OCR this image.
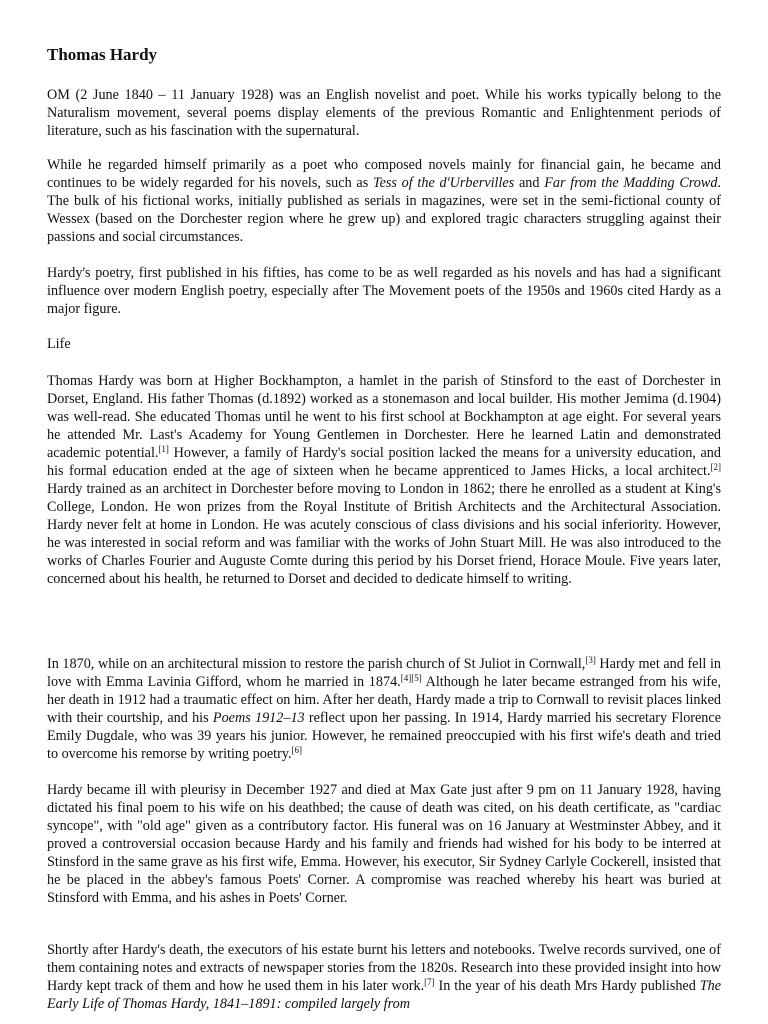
Thomas Hardy

OM (2 June 1840 – 11 January 1928) was an English novelist and poet. While his works typically belong to the Naturalism movement, several poems display elements of the previous Romantic and Enlightenment periods of literature, such as his fascination with the supernatural.

While he regarded himself primarily as a poet who composed novels mainly for financial gain, he became and continues to be widely regarded for his novels, such as Tess of the d'Urbervilles and Far from the Madding Crowd. The bulk of his fictional works, initially published as serials in magazines, were set in the semi-fictional county of Wessex (based on the Dorchester region where he grew up) and explored tragic characters struggling against their passions and social circumstances.

Hardy's poetry, first published in his fifties, has come to be as well regarded as his novels and has had a significant influence over modern English poetry, especially after The Movement poets of the 1950s and 1960s cited Hardy as a major figure.

Life

Thomas Hardy was born at Higher Bockhampton, a hamlet in the parish of Stinsford to the east of Dorchester in Dorset, England. His father Thomas (d.1892) worked as a stonemason and local builder. His mother Jemima (d.1904) was well-read. She educated Thomas until he went to his first school at Bockhampton at age eight. For several years he attended Mr. Last's Academy for Young Gentlemen in Dorchester. Here he learned Latin and demonstrated academic potential.[1] However, a family of Hardy's social position lacked the means for a university education, and his formal education ended at the age of sixteen when he became apprenticed to James Hicks, a local architect.[2] Hardy trained as an architect in Dorchester before moving to London in 1862; there he enrolled as a student at King's College, London. He won prizes from the Royal Institute of British Architects and the Architectural Association. Hardy never felt at home in London. He was acutely conscious of class divisions and his social inferiority. However, he was interested in social reform and was familiar with the works of John Stuart Mill. He was also introduced to the works of Charles Fourier and Auguste Comte during this period by his Dorset friend, Horace Moule. Five years later, concerned about his health, he returned to Dorset and decided to dedicate himself to writing.

In 1870, while on an architectural mission to restore the parish church of St Juliot in Cornwall,[3] Hardy met and fell in love with Emma Lavinia Gifford, whom he married in 1874.[4][5] Although he later became estranged from his wife, her death in 1912 had a traumatic effect on him. After her death, Hardy made a trip to Cornwall to revisit places linked with their courtship, and his Poems 1912–13 reflect upon her passing. In 1914, Hardy married his secretary Florence Emily Dugdale, who was 39 years his junior. However, he remained preoccupied with his first wife's death and tried to overcome his remorse by writing poetry.[6]

Hardy became ill with pleurisy in December 1927 and died at Max Gate just after 9 pm on 11 January 1928, having dictated his final poem to his wife on his deathbed; the cause of death was cited, on his death certificate, as "cardiac syncope", with "old age" given as a contributory factor. His funeral was on 16 January at Westminster Abbey, and it proved a controversial occasion because Hardy and his family and friends had wished for his body to be interred at Stinsford in the same grave as his first wife, Emma. However, his executor, Sir Sydney Carlyle Cockerell, insisted that he be placed in the abbey's famous Poets' Corner. A compromise was reached whereby his heart was buried at Stinsford with Emma, and his ashes in Poets' Corner.

Shortly after Hardy's death, the executors of his estate burnt his letters and notebooks. Twelve records survived, one of them containing notes and extracts of newspaper stories from the 1820s. Research into these provided insight into how Hardy kept track of them and how he used them in his later work.[7] In the year of his death Mrs Hardy published The Early Life of Thomas Hardy, 1841–1891: compiled largely from
